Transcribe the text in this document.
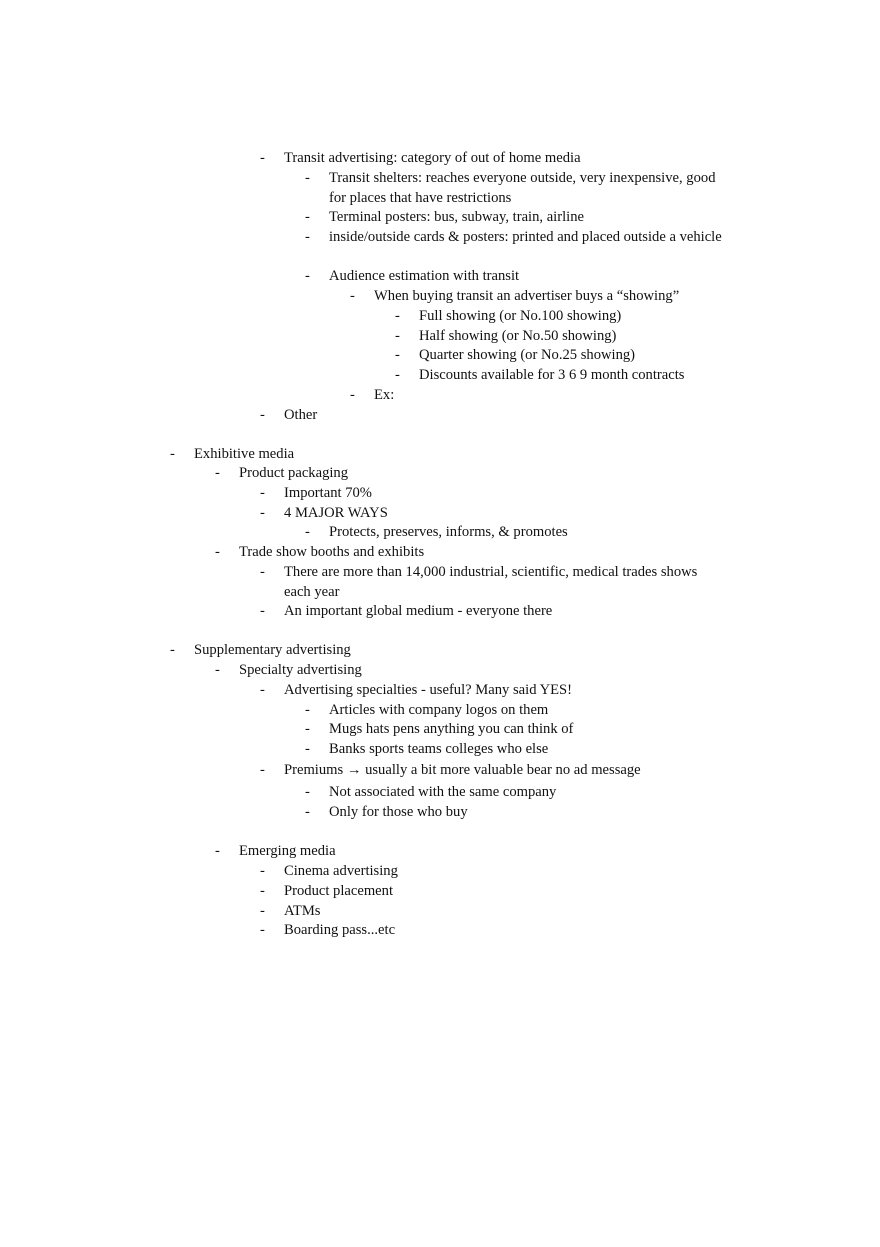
- Transit advertising: category of out of home media
- Transit shelters: reaches everyone outside, very inexpensive, good
for places that have restrictions
- Terminal posters: bus, subway, train, airline
- inside/outside cards & posters: printed and placed outside a vehicle
- Audience estimation with transit
- When buying transit an advertiser buys a “showing”
- Full showing (or No.100 showing)
- Half showing (or No.50 showing)
- Quarter showing (or No.25 showing)
- Discounts available for 3 6 9 month contracts
- Ex:
- Other
- Exhibitive media
- Product packaging
- Important 70%
- 4 MAJOR WAYS
- Protects, preserves, informs, & promotes
- Trade show booths and exhibits
- There are more than 14,000 industrial, scientific, medical trades shows
each year
- An important global medium - everyone there
- Supplementary advertising
- Specialty advertising
- Advertising specialties - useful? Many said YES!
- Articles with company logos on them
- Mugs hats pens anything you can think of
- Banks sports teams colleges who else
- Premiums → usually a bit more valuable bear no ad message
- Not associated with the same company
- Only for those who buy
- Emerging media
- Cinema advertising
- Product placement
- ATMs
- Boarding pass...etc
